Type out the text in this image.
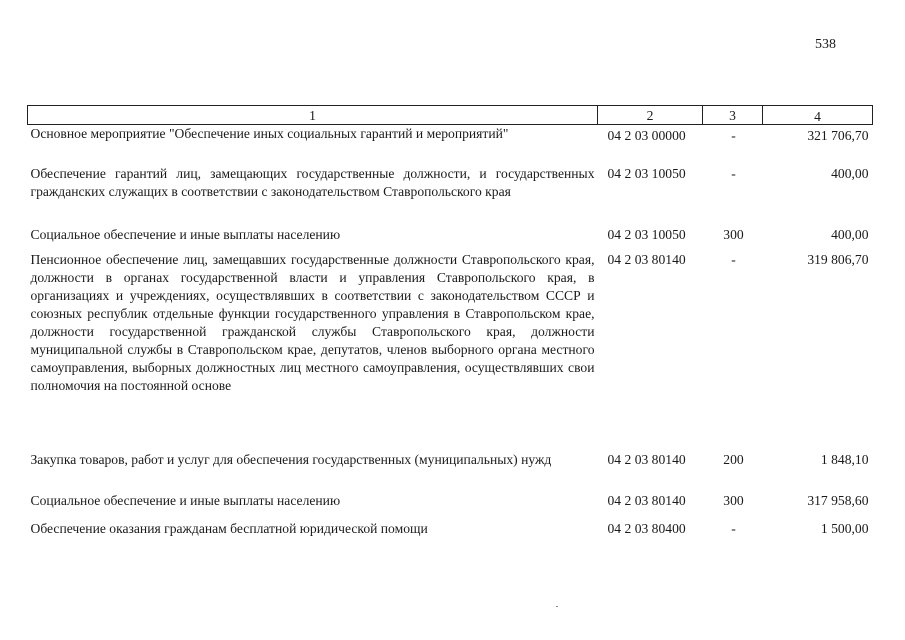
538
1	2	3	4
Основное мероприятие "Обеспечение иных социальных гарантий и мероприятий"	04 2 03 00000	-	321 706,70
Обеспечение гарантий лиц, замещающих государственные должности, и государственных гражданских служащих в соответствии с законодательством Ставропольского края	04 2 03 10050	-	400,00
Социальное обеспечение и иные выплаты населению	04 2 03 10050	300	400,00
Пенсионное обеспечение лиц, замещавших государственные должности Ставропольского края, должности в органах государственной власти и управления Ставропольского края, в организациях и учреждениях, осуществлявших в соответствии с законодательством СССР и союзных республик отдельные функции государственного управления в Ставропольском крае, должности государственной гражданской службы Ставропольского края, должности муниципальной службы в Ставропольском крае, депутатов, членов выборного органа местного самоуправления, выборных должностных лиц местного самоуправления, осуществлявших свои полномочия на постоянной основе	04 2 03 80140	-	319 806,70
Закупка товаров, работ и услуг для обеспечения государственных (муниципальных) нужд	04 2 03 80140	200	1 848,10
Социальное обеспечение и иные выплаты населению	04 2 03 80140	300	317 958,60
Обеспечение оказания гражданам бесплатной юридической помощи	04 2 03 80400	-	1 500,00
